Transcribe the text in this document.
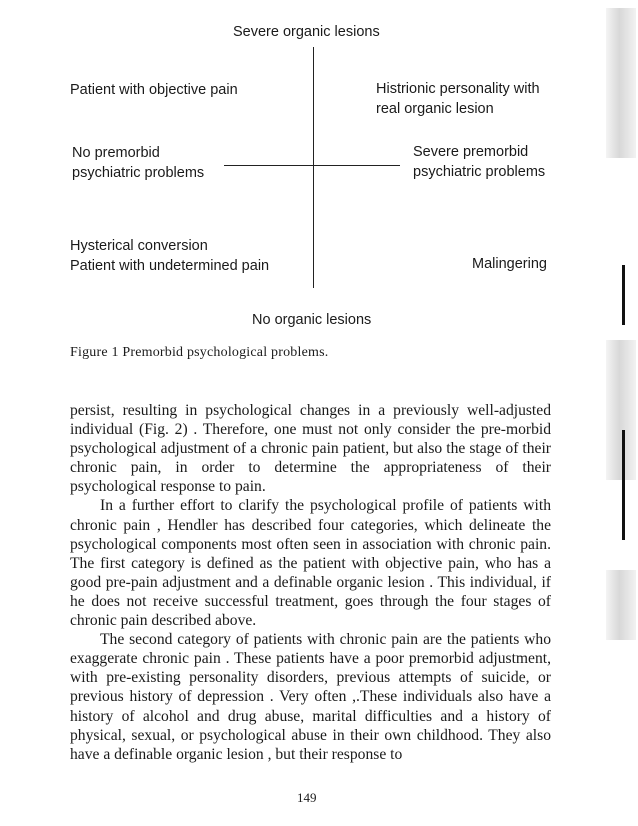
Severe organic lesions
Patient with objective pain	Histrionic personality with
real organic lesion
No premorbid
psychiatric problems
Severe premorbid
psychiatric problems
Hysterical conversion
Patient with undetermined pain	Malingering
No organic lesions
Figure 1 Premorbid psychological problems.

persist, resulting in psychological changes in a previously well-adjusted individual (Fig. 2) . Therefore, one must not only consider the pre-morbid psychological adjustment of a chronic pain patient, but also the stage of their chronic pain, in order to determine the appropriateness of their psychological response to pain.

In a further effort to clarify the psychological profile of patients with chronic pain , Hendler has described four categories, which delineate the psychological components most often seen in association with chronic pain. The first category is defined as the patient with objective pain, who has a good pre-pain adjustment and a definable organic lesion . This individual, if he does not receive successful treatment, goes through the four stages of chronic pain described above.

The second category of patients with chronic pain are the patients who exaggerate chronic pain . These patients have a poor premorbid adjustment, with pre-existing personality disorders, previous attempts of suicide, or previous history of depression . Very often ,.These individuals also have a history of alcohol and drug abuse, marital difficulties and a history of physical, sexual, or psychological abuse in their own childhood. They also have a definable organic lesion , but their response to

149
